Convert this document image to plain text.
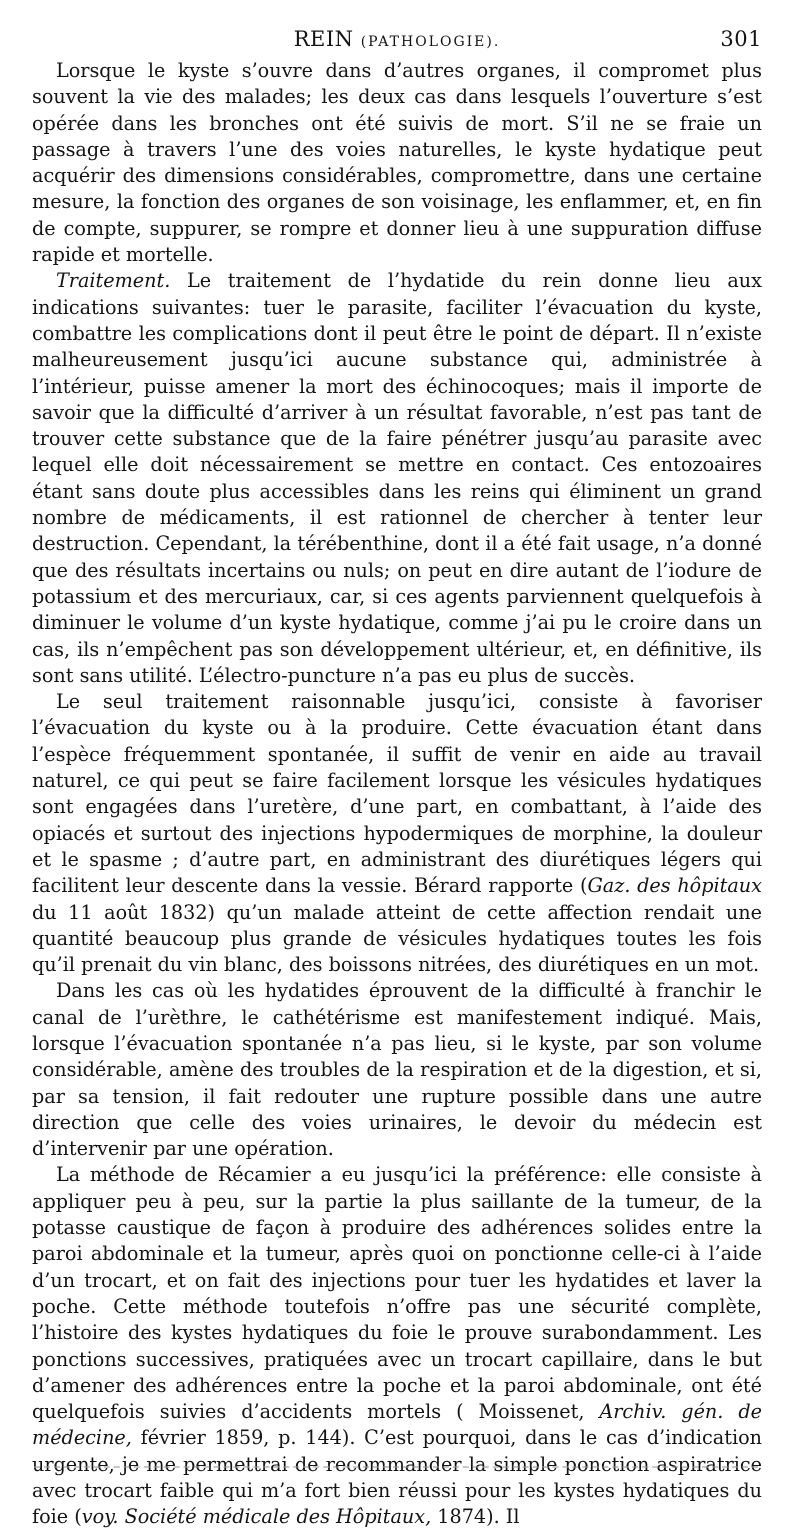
REIN (PATHOLOGIE).	301

Lorsque le kyste s’ouvre dans d’autres organes, il compromet plus souvent la vie des malades; les deux cas dans lesquels l’ouverture s’est opérée dans les bronches ont été suivis de mort. S’il ne se fraie un passage à travers l’une des voies naturelles, le kyste hydatique peut acquérir des dimensions considérables, compromettre, dans une certaine mesure, la fonction des organes de son voisinage, les enflammer, et, en fin de compte, suppurer, se rompre et donner lieu à une suppuration diffuse rapide et mortelle.

Traitement. Le traitement de l’hydatide du rein donne lieu aux indications suivantes: tuer le parasite, faciliter l’évacuation du kyste, combattre les complications dont il peut être le point de départ. Il n’existe malheureusement jusqu’ici aucune substance qui, administrée à l’intérieur, puisse amener la mort des échinocoques; mais il importe de savoir que la difficulté d’arriver à un résultat favorable, n’est pas tant de trouver cette substance que de la faire pénétrer jusqu’au parasite avec lequel elle doit nécessairement se mettre en contact. Ces entozoaires étant sans doute plus accessibles dans les reins qui éliminent un grand nombre de médicaments, il est rationnel de chercher à tenter leur destruction. Cependant, la térébenthine, dont il a été fait usage, n’a donné que des résultats incertains ou nuls; on peut en dire autant de l’iodure de potassium et des mercuriaux, car, si ces agents parviennent quelquefois à diminuer le volume d’un kyste hydatique, comme j’ai pu le croire dans un cas, ils n’empêchent pas son développement ultérieur, et, en définitive, ils sont sans utilité. L’électro-puncture n’a pas eu plus de succès.

Le seul traitement raisonnable jusqu’ici, consiste à favoriser l’évacuation du kyste ou à la produire. Cette évacuation étant dans l’espèce fréquemment spontanée, il suffit de venir en aide au travail naturel, ce qui peut se faire facilement lorsque les vésicules hydatiques sont engagées dans l’uretère, d’une part, en combattant, à l’aide des opiacés et surtout des injections hypodermiques de morphine, la douleur et le spasme ; d’autre part, en administrant des diurétiques légers qui facilitent leur descente dans la vessie. Bérard rapporte (Gaz. des hôpitaux du 11 août 1832) qu’un malade atteint de cette affection rendait une quantité beaucoup plus grande de vésicules hydatiques toutes les fois qu’il prenait du vin blanc, des boissons nitrées, des diurétiques en un mot.

Dans les cas où les hydatides éprouvent de la difficulté à franchir le canal de l’urèthre, le cathétérisme est manifestement indiqué. Mais, lorsque l’évacuation spontanée n’a pas lieu, si le kyste, par son volume considérable, amène des troubles de la respiration et de la digestion, et si, par sa tension, il fait redouter une rupture possible dans une autre direction que celle des voies urinaires, le devoir du médecin est d’intervenir par une opération.

La méthode de Récamier a eu jusqu’ici la préférence: elle consiste à appliquer peu à peu, sur la partie la plus saillante de la tumeur, de la potasse caustique de façon à produire des adhérences solides entre la paroi abdominale et la tumeur, après quoi on ponctionne celle-ci à l’aide d’un trocart, et on fait des injections pour tuer les hydatides et laver la poche. Cette méthode toutefois n’offre pas une sécurité complète, l’histoire des kystes hydatiques du foie le prouve surabondamment. Les ponctions successives, pratiquées avec un trocart capillaire, dans le but d’amener des adhérences entre la poche et la paroi abdominale, ont été quelquefois suivies d’accidents mortels ( Moissenet, Archiv. gén. de médecine, février 1859, p. 144). C’est pourquoi, dans le cas d’indication urgente, je me permettrai de recommander la simple ponction aspiratrice avec trocart faible qui m’a fort bien réussi pour les kystes hydatiques du foie (voy. Société médicale des Hôpitaux, 1874). Il
